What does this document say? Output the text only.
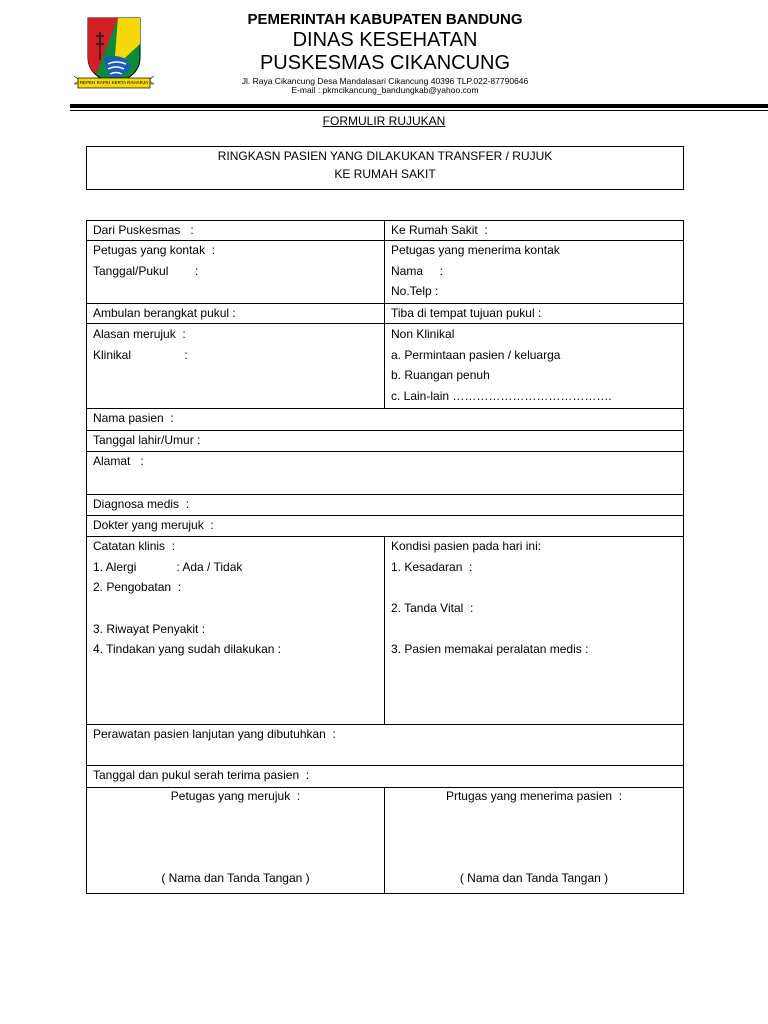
REPEH RAPIH KERTA RAHARJA
PEMERINTAH KABUPATEN BANDUNG
DINAS KESEHATAN
PUSKESMAS CIKANCUNG
Jl. Raya Cikancung Desa Mandalasari Cikancung 40396 TLP.022-87790646
E-mail : pkmcikancung_bandungkab@yahoo.com
FORMULIR RUJUKAN
RINGKASN PASIEN YANG DILAKUKAN TRANSFER / RUJUK
KE RUMAH SAKIT
Dari Puskesmas   :
Petugas yang kontak  :
Tanggal/Pukul        :
Ambulan berangkat pukul :
Alasan merujuk  :
Klinikal                :
Ke Rumah Sakit  :
Petugas yang menerima kontak
Nama     :
No.Telp :
Tiba di tempat tujuan pukul :
Non Klinikal
a. Permintaan pasien / keluarga
b. Ruangan penuh
c. Lain-lain ………………………………….
Nama pasien  :
Tanggal lahir/Umur :
Alamat   :
Diagnosa medis  :
Dokter yang merujuk  :
Catatan klinis  :
1. Alergi            : Ada / Tidak
2. Pengobatan  :
3. Riwayat Penyakit :
4. Tindakan yang sudah dilakukan :
Kondisi pasien pada hari ini:
1. Kesadaran  :
2. Tanda Vital  :
3. Pasien memakai peralatan medis :
Perawatan pasien lanjutan yang dibutuhkan  :
Tanggal dan pukul serah terima pasien  :
Petugas yang merujuk  :	Prtugas yang menerima pasien  :
( Nama dan Tanda Tangan )	( Nama dan Tanda Tangan )
